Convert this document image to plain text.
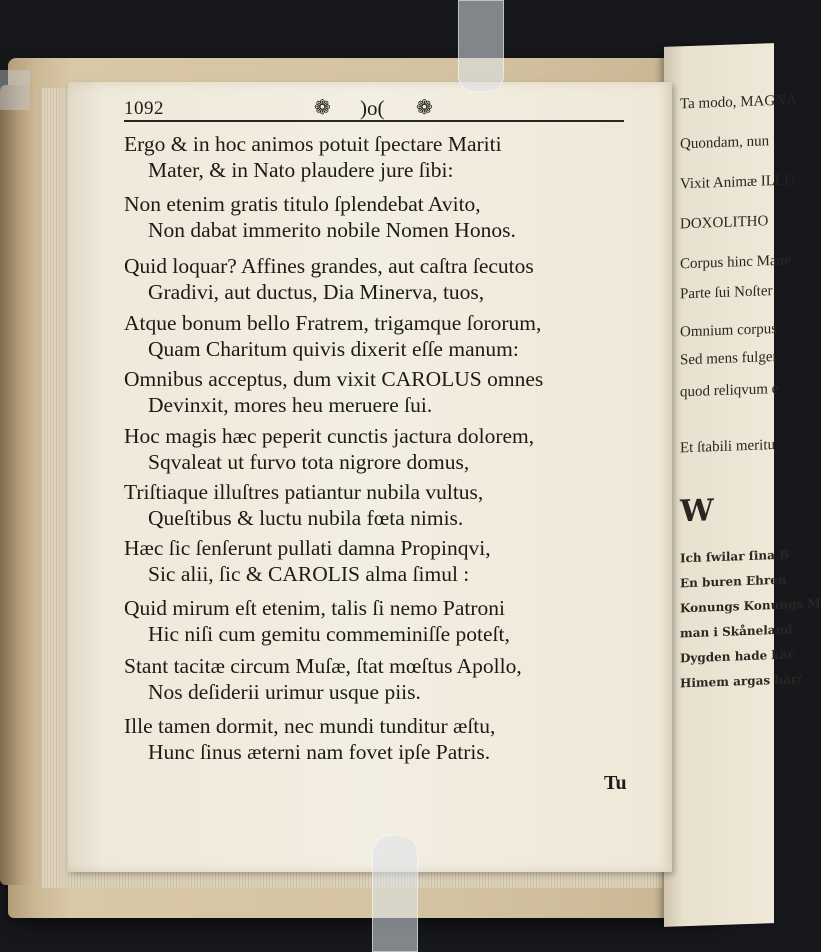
Ta modo, MAGNA
Quondam, nun
Vixit Animæ ILLU
DOXOLITHO
Corpus hinc Mane
Parte ſui Noſter
Omnium corpus
Sed mens fulger
quod reliqvum e
Et ſtabili meritu
W
Ich ſwilar ſina B
En buren Ehren
Konungs Konungs M
man i Skåneland
Dygden hade kär
Himem argas här/
1092	❁ )o( ❁
Ergo & in hoc animos potuit ſpectare Mariti
Mater, & in Nato plaudere jure ſibi:
Non etenim gratis titulo ſplendebat Avito,
Non dabat immerito nobile Nomen Honos.
Quid loquar? Affines grandes, aut caſtra ſecutos
Gradivi, aut ductus, Dia Minerva, tuos,
Atque bonum bello Fratrem, trigamque ſororum,
Quam Charitum quivis dixerit eſſe manum:
Omnibus acceptus, dum vixit CAROLUS omnes
Devinxit, mores heu meruere ſui.
Hoc magis hæc peperit cunctis jactura dolorem,
Sqvaleat ut furvo tota nigrore domus,
Triſtiaque illuſtres patiantur nubila vultus,
Queſtibus & luctu nubila fœta nimis.
Hæc ſic ſenſerunt pullati damna Propinqvi,
Sic alii, ſic & CAROLIS alma ſimul :
Quid mirum eſt etenim, talis ſi nemo Patroni
Hic niſi cum gemitu commeminiſſe poteſt,
Stant tacitæ circum Muſæ, ſtat mœſtus Apollo,
Nos deſiderii urimur usque piis.
Ille tamen dormit, nec mundi tunditur æſtu,
Hunc ſinus æterni nam fovet ipſe Patris.
Tu
